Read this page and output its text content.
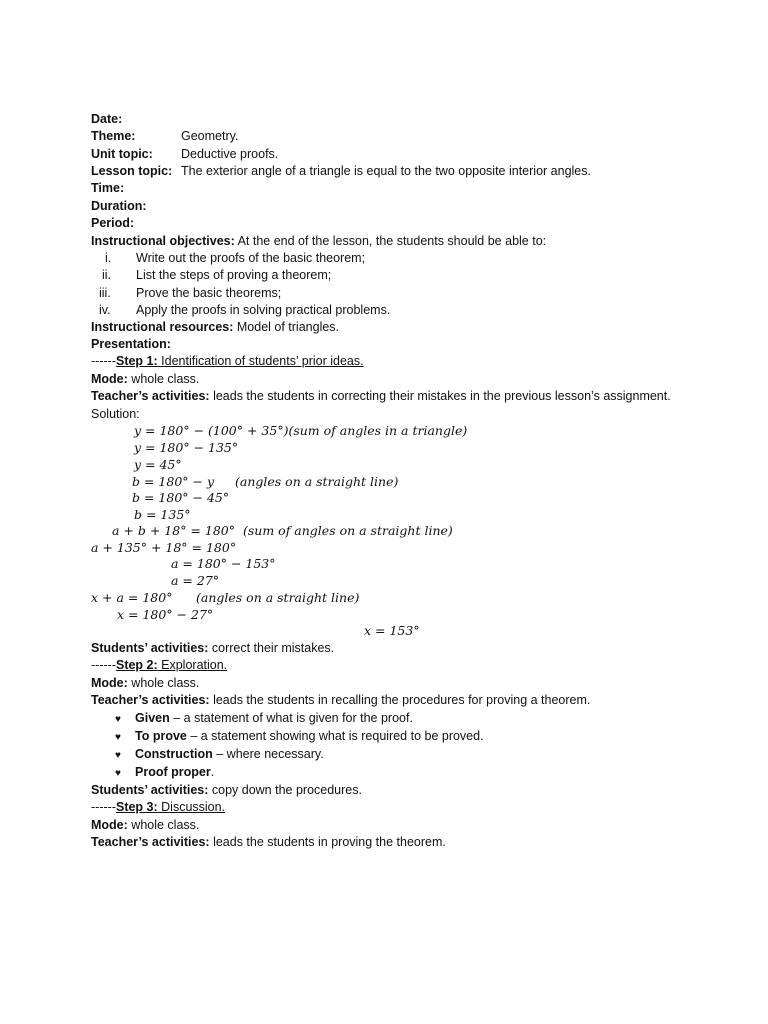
Date:
Theme:	Geometry.
Unit topic: Deductive proofs.
Lesson topic: The exterior angle of a triangle is equal to the two opposite interior angles.
Time:
Duration:
Period:
Instructional objectives: At the end of the lesson, the students should be able to:
i. Write out the proofs of the basic theorem;
ii. List the steps of proving a theorem;
iii. Prove the basic theorems;
iv. Apply the proofs in solving practical problems.
Instructional resources: Model of triangles.
Presentation:
------Step 1: Identification of students’ prior ideas.
Mode: whole class.
Teacher’s activities: leads the students in correcting their mistakes in the previous lesson’s assignment.
Solution:
y = 180° − (100° + 35°)(sum of angles in a triangle)
y = 180° − 135°
y = 45°
b = 180° − y (angles on a straight line)
b = 180° − 45°
b = 135°
a + b + 18° = 180° (sum of angles on a straight line)
a + 135° + 18° = 180°
a = 180° − 153°
a = 27°
x + a = 180° (angles on a straight line)
x = 180° − 27°
x = 153°
Students’ activities: correct their mistakes.
------Step 2: Exploration.
Mode: whole class.
Teacher’s activities: leads the students in recalling the procedures for proving a theorem.
♥ Given – a statement of what is given for the proof.
♥ To prove – a statement showing what is required to be proved.
♥ Construction – where necessary.
♥ Proof proper.
Students’ activities: copy down the procedures.
------Step 3: Discussion.
Mode: whole class.
Teacher’s activities: leads the students in proving the theorem.
